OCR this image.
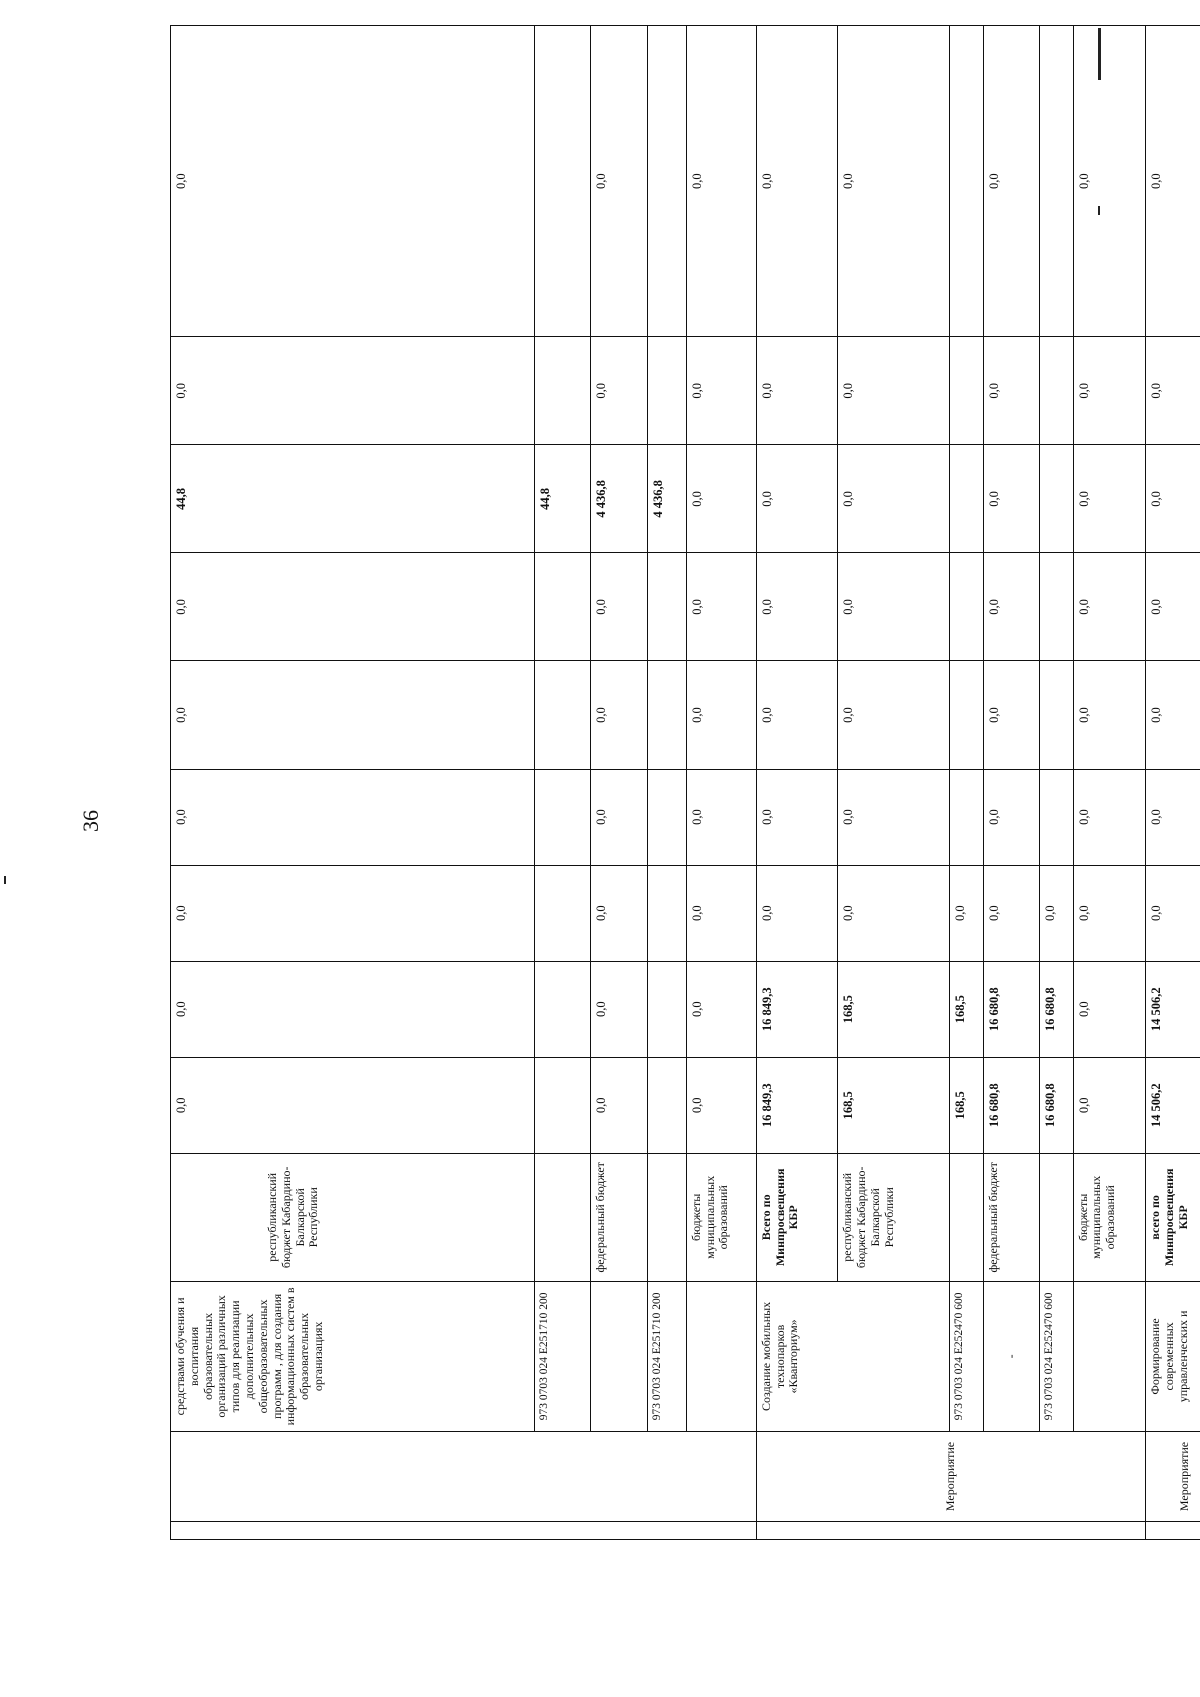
36
		средствами обучения и воспитания образовательных организаций различных типов для реализации дополнительных общеобразовательных программ , для создания информационных систем в образовательных организациях	республиканский бюджет Кабардино-Балкарской Республики	0,0	0,0	0,0	0,0	0,0	0,0	44,8	0,0	0,0
		973 0703 024 E251710 200								44,8		
			федеральный бюджет	0,0	0,0	0,0	0,0	0,0	0,0	4 436,8	0,0	0,0
		973 0703 024 E251710 200								4 436,8		
			бюджеты муниципальных образований	0,0	0,0	0,0	0,0	0,0	0,0	0,0	0,0	0,0
	Мероприятие	Создание мобильных технопарков «Кванториум»	Всего по Минпросвещения КБР	16 849,3	16 849,3	0,0	0,0	0,0	0,0	0,0	0,0	0,0
			республиканский бюджет Кабардино-Балкарской Республики	168,5	168,5	0,0	0,0	0,0	0,0	0,0	0,0	0,0
		973 0703 024 E252470 600		168,5	168,5	0,0						
		-	федеральный бюджет	16 680,8	16 680,8	0,0	0,0	0,0	0,0	0,0	0,0	0,0
		973 0703 024 E252470 600		16 680,8	16 680,8	0,0						
			бюджеты муниципальных образований	0,0	0,0	0,0	0,0	0,0	0,0	0,0	0,0	0,0
	Мероприятие	Формирование современных управленческих и	всего по Минпросвещения КБР	14 506,2	14 506,2	0,0	0,0	0,0	0,0	0,0	0,0	0,0
